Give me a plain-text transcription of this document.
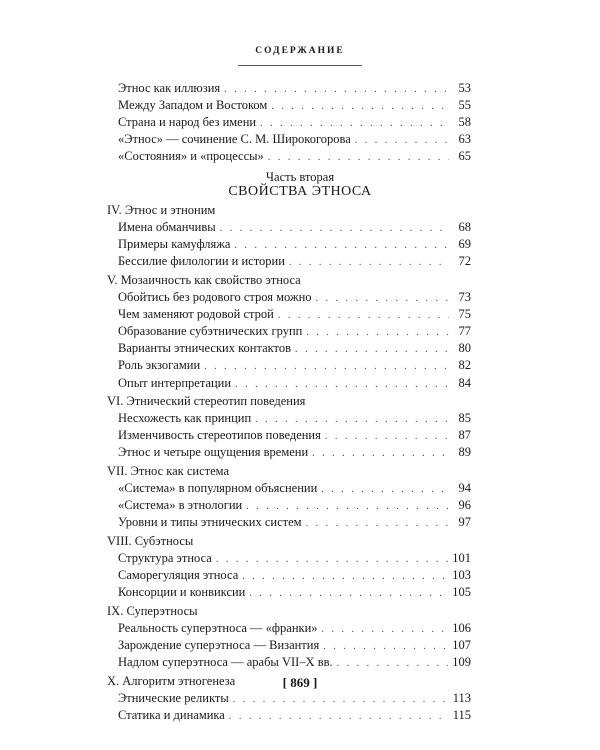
СОДЕРЖАНИЕ
Часть вторая
СВОЙСТВА ЭТНОСА
Этнос как иллюзия . . .	53
Между Западом и Востоком . . .	55
Страна и народ без имени . . .	58
«Этнос» — сочинение С. М. Широкогорова . . .	63
«Состояния» и «процессы» . . .	65
IV. Этнос и этноним
Имена обманчивы . . .	68
Примеры камуфляжа . . .	69
Бессилие филологии и истории . . .	72
V. Мозаичность как свойство этноса
Обойтись без родового строя можно . . .	73
Чем заменяют родовой строй . . .	75
Образование субэтнических групп . . .	77
Варианты этнических контактов . . .	80
Роль экзогамии . . .	82
Опыт интерпретации . . .	84
VI. Этнический стереотип поведения
Несхожесть как принцип . . .	85
Изменчивость стереотипов поведения . . .	87
Этнос и четыре ощущения времени . . .	89
VII. Этнос как система
«Система» в популярном объяснении . . .	94
«Система» в этнологии . . .	96
Уровни и типы этнических систем . . .	97
VIII. Субэтносы
Структура этноса . . .	101
Саморегуляция этноса . . .	103
Консорции и конвиксии . . .	105
IX. Суперэтносы
Реальность суперэтноса — «франки» . . .	106
Зарождение суперэтноса — Византия . . .	107
Надлом суперэтноса — арабы VII–X вв. . . .	109
X. Алгоритм этногенеза
Этнические реликты . . .	113
Статика и динамика . . .	115
[ 869 ]
